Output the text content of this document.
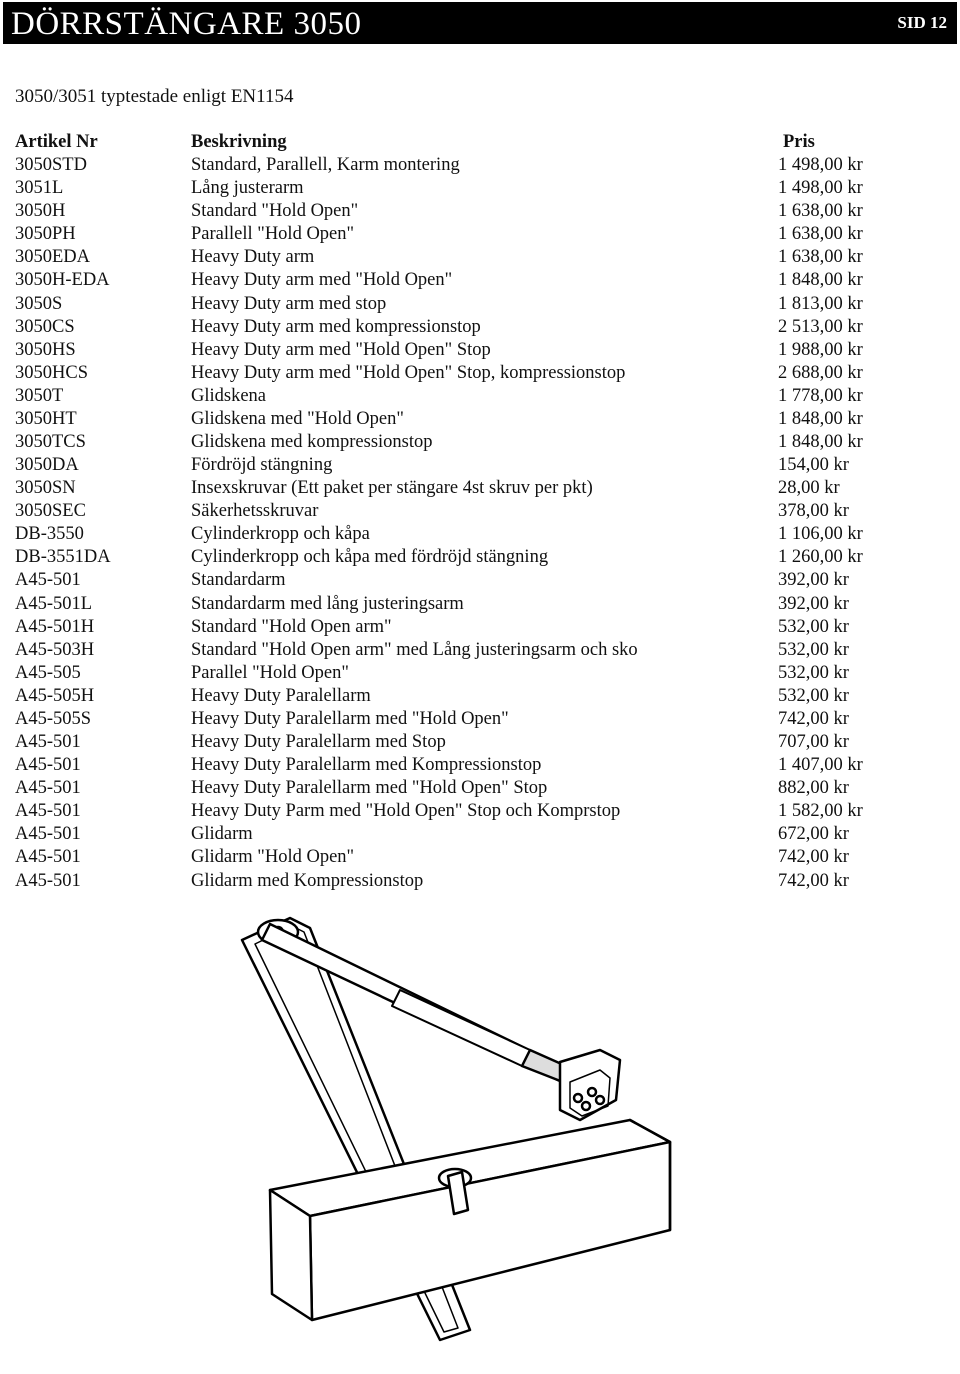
DÖRRSTÄNGARE 3050	SID 12
3050/3051 typtestade enligt EN1154
Artikel Nr	Beskrivning	Pris
3050STD	Standard, Parallell, Karm montering	1 498,00 kr
3051L	Lång justerarm	1 498,00 kr
3050H	Standard "Hold Open"	1 638,00 kr
3050PH	Parallell "Hold Open"	1 638,00 kr
3050EDA	Heavy Duty arm	1 638,00 kr
3050H-EDA	Heavy Duty arm med "Hold Open"	1 848,00 kr
3050S	Heavy Duty arm med stop	1 813,00 kr
3050CS	Heavy Duty arm med kompressionstop	2 513,00 kr
3050HS	Heavy Duty arm med "Hold Open" Stop	1 988,00 kr
3050HCS	Heavy Duty arm med "Hold Open" Stop, kompressionstop	2 688,00 kr
3050T	Glidskena	1 778,00 kr
3050HT	Glidskena med "Hold Open"	1 848,00 kr
3050TCS	Glidskena med kompressionstop	1 848,00 kr
3050DA	Fördröjd stängning	154,00 kr
3050SN	Insexskruvar (Ett paket per stängare 4st skruv per pkt)	28,00 kr
3050SEC	Säkerhetsskruvar	378,00 kr
DB-3550	Cylinderkropp och kåpa	1 106,00 kr
DB-3551DA	Cylinderkropp och kåpa med fördröjd stängning	1 260,00 kr
A45-501	Standardarm	392,00 kr
A45-501L	Standardarm med lång justeringsarm	392,00 kr
A45-501H	Standard "Hold Open arm"	532,00 kr
A45-503H	Standard "Hold Open arm" med Lång justeringsarm och sko	532,00 kr
A45-505	Parallel "Hold Open"	532,00 kr
A45-505H	Heavy Duty Paralellarm	532,00 kr
A45-505S	Heavy Duty Paralellarm med "Hold Open"	742,00 kr
A45-501	Heavy Duty Paralellarm med Stop	707,00 kr
A45-501	Heavy Duty Paralellarm med Kompressionstop	1 407,00 kr
A45-501	Heavy Duty Paralellarm med "Hold Open" Stop	882,00 kr
A45-501	Heavy Duty Parm med "Hold Open" Stop och Komprstop	1 582,00 kr
A45-501	Glidarm	672,00 kr
A45-501	Glidarm "Hold Open"	742,00 kr
A45-501	Glidarm med Kompressionstop	742,00 kr
